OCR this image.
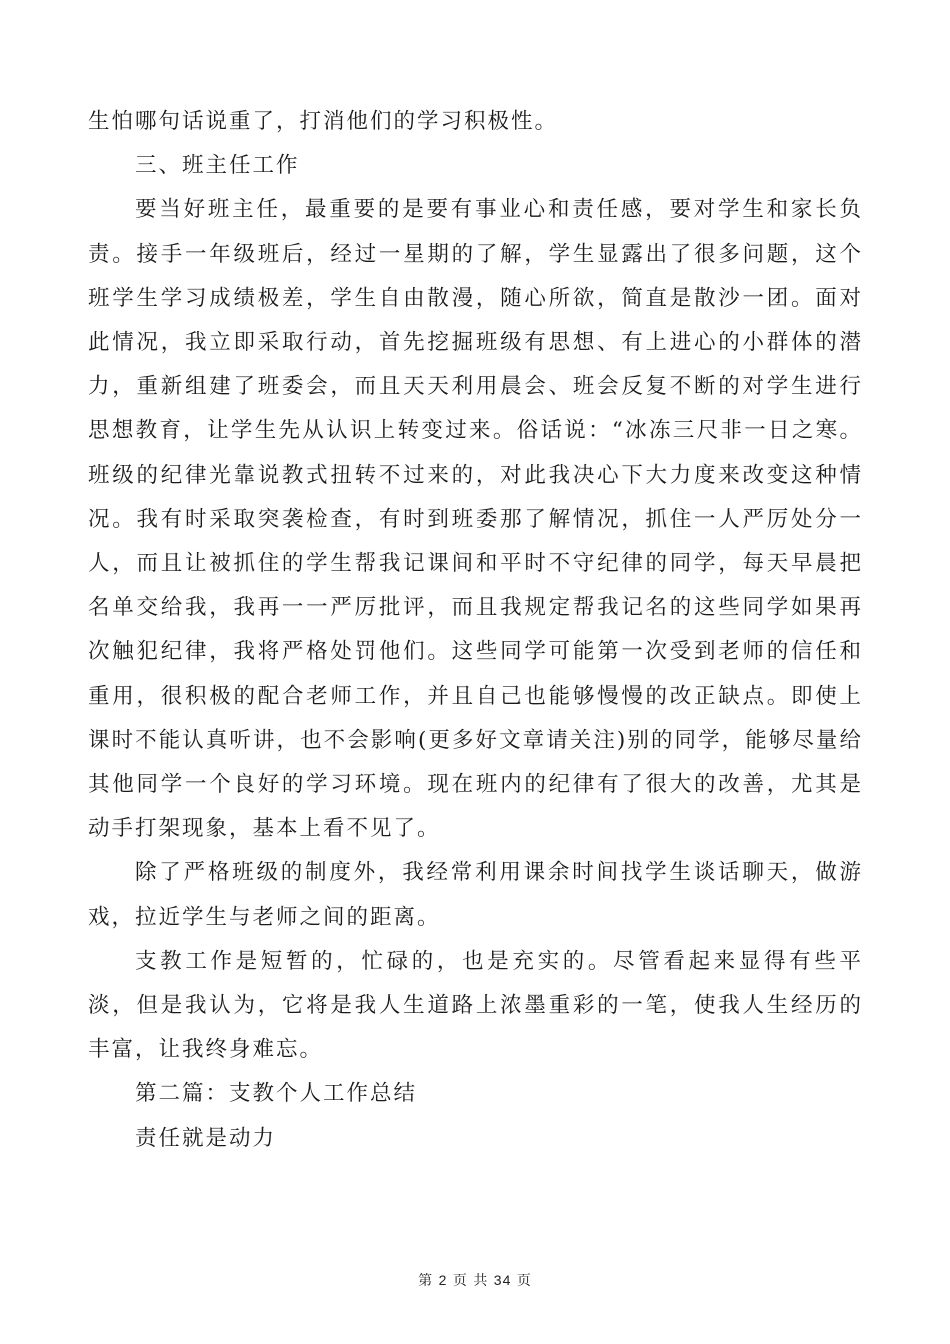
生怕哪句话说重了，打消他们的学习积极性。

三、班主任工作

要当好班主任，最重要的是要有事业心和责任感，要对学生和家长负责。接手一年级班后，经过一星期的了解，学生显露出了很多问题，这个班学生学习成绩极差，学生自由散漫，随心所欲，简直是散沙一团。面对此情况，我立即采取行动，首先挖掘班级有思想、有上进心的小群体的潜力，重新组建了班委会，而且天天利用晨会、班会反复不断的对学生进行思想教育，让学生先从认识上转变过来。俗话说：“冰冻三尺非一日之寒。班级的纪律光靠说教式扭转不过来的，对此我决心下大力度来改变这种情况。我有时采取突袭检查，有时到班委那了解情况，抓住一人严厉处分一人，而且让被抓住的学生帮我记课间和平时不守纪律的同学，每天早晨把名单交给我，我再一一严厉批评，而且我规定帮我记名的这些同学如果再次触犯纪律，我将严格处罚他们。这些同学可能第一次受到老师的信任和重用，很积极的配合老师工作，并且自己也能够慢慢的改正缺点。即使上课时不能认真听讲，也不会影响(更多好文章请关注)别的同学，能够尽量给其他同学一个良好的学习环境。现在班内的纪律有了很大的改善，尤其是动手打架现象，基本上看不见了。

除了严格班级的制度外，我经常利用课余时间找学生谈话聊天，做游戏，拉近学生与老师之间的距离。

支教工作是短暂的，忙碌的，也是充实的。尽管看起来显得有些平淡，但是我认为，它将是我人生道路上浓墨重彩的一笔，使我人生经历的丰富，让我终身难忘。

第二篇：支教个人工作总结

责任就是动力

第 2 页 共 34 页
